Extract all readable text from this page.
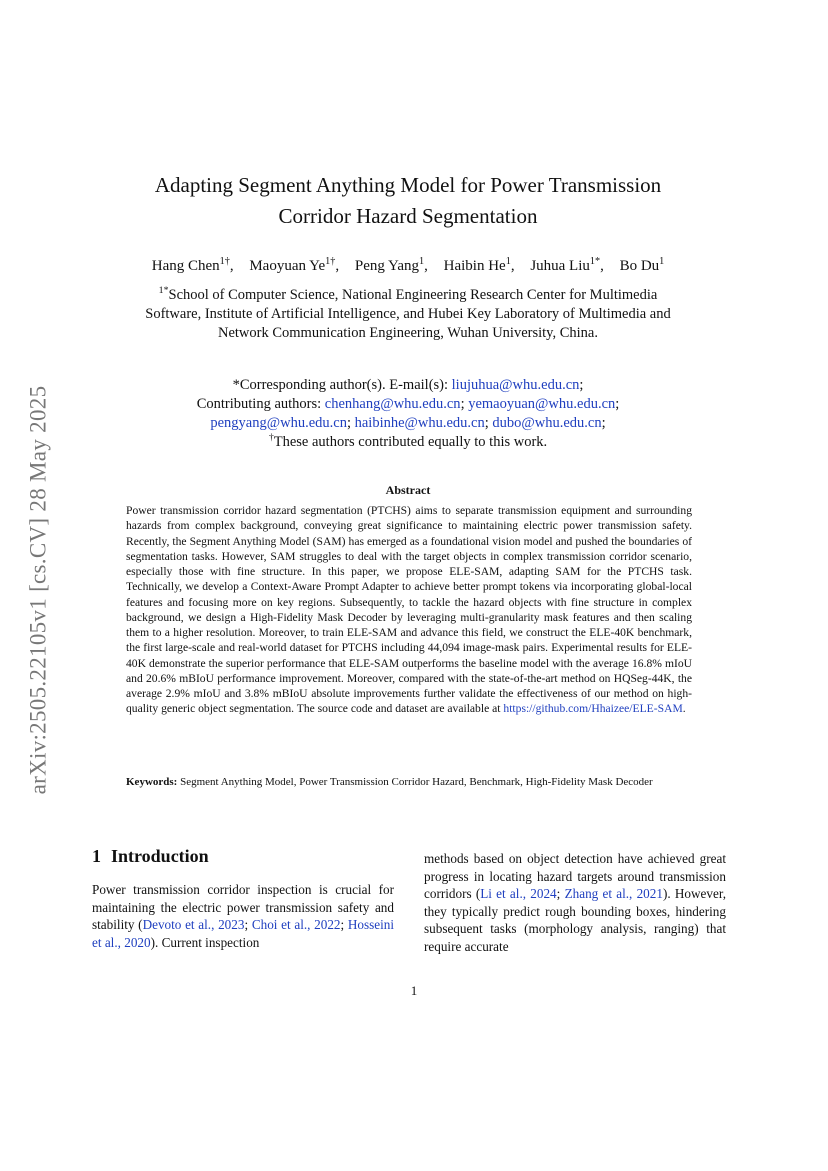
arXiv:2505.22105v1 [cs.CV] 28 May 2025
Adapting Segment Anything Model for Power Transmission
Corridor Hazard Segmentation
Hang Chen$^{1\dagger}$, Maoyuan $Ye^{1\dagger}$, Peng Yang$^1$, Haibin He$^1$, Juhua Liu$^{1*}$, Bo Du$^1$
$^{1*}$School of Computer Science, National Engineering Research Center for Multimedia
Software, Institute of Artificial Intelligence, and Hubei Key Laboratory of Multimedia and
Network Communication Engineering, Wuhan University, China.
*Corresponding author(s). E-mail(s): liujuhua@whu.edu.cn;
Contributing authors: chenhang@whu.edu.cn; yemaoyuan@whu.edu.cn;
pengyang@whu.edu.cn; haibinhe@whu.edu.cn; dubo@whu.edu.cn;
†These authors contributed equally to this work.
Abstract
Power transmission corridor hazard segmentation (PTCHS) aims to separate transmission equipment and surrounding hazards from complex background, conveying great significance to maintaining electric power transmission safety. Recently, the Segment Anything Model (SAM) has emerged as a foundational vision model and pushed the boundaries of segmentation tasks. However, SAM struggles to deal with the target objects in complex transmission corridor scenario, especially those with fine structure. In this paper, we propose ELE-SAM, adapting SAM for the PTCHS task. Technically, we develop a Context-Aware Prompt Adapter to achieve better prompt tokens via incorporating global-local features and focusing more on key regions. Subsequently, to tackle the hazard objects with fine structure in complex background, we design a High-Fidelity Mask Decoder by leveraging multi-granularity mask features and then scaling them to a higher resolution. Moreover, to train ELE-SAM and advance this field, we construct the ELE-40K benchmark, the first large-scale and real-world dataset for PTCHS including 44,094 image-mask pairs. Experimental results for ELE-40K demonstrate the superior performance that ELE-SAM outperforms the baseline model with the average 16.8% mIoU and 20.6% mBIoU performance improvement. Moreover, compared with the state-of-the-art method on HQSeg-44K, the average 2.9% mIoU and 3.8% mBIoU absolute improvements further validate the effectiveness of our method on high-quality generic object segmentation. The source code and dataset are available at https://github.com/Hhaizee/ELE-SAM.
Keywords: Segment Anything Model, Power Transmission Corridor Hazard, Benchmark, High-Fidelity Mask Decoder
1 Introduction

Power transmission corridor inspection is crucial for maintaining the electric power transmission safety and stability (Devoto et al., 2023; Choi et al., 2022; Hosseini et al., 2020). Current inspection

methods based on object detection have achieved great progress in locating hazard targets around transmission corridors (Li et al., 2024; Zhang et al., 2021). However, they typically predict rough bounding boxes, hindering subsequent tasks (morphology analysis, ranging) that require accurate

1
